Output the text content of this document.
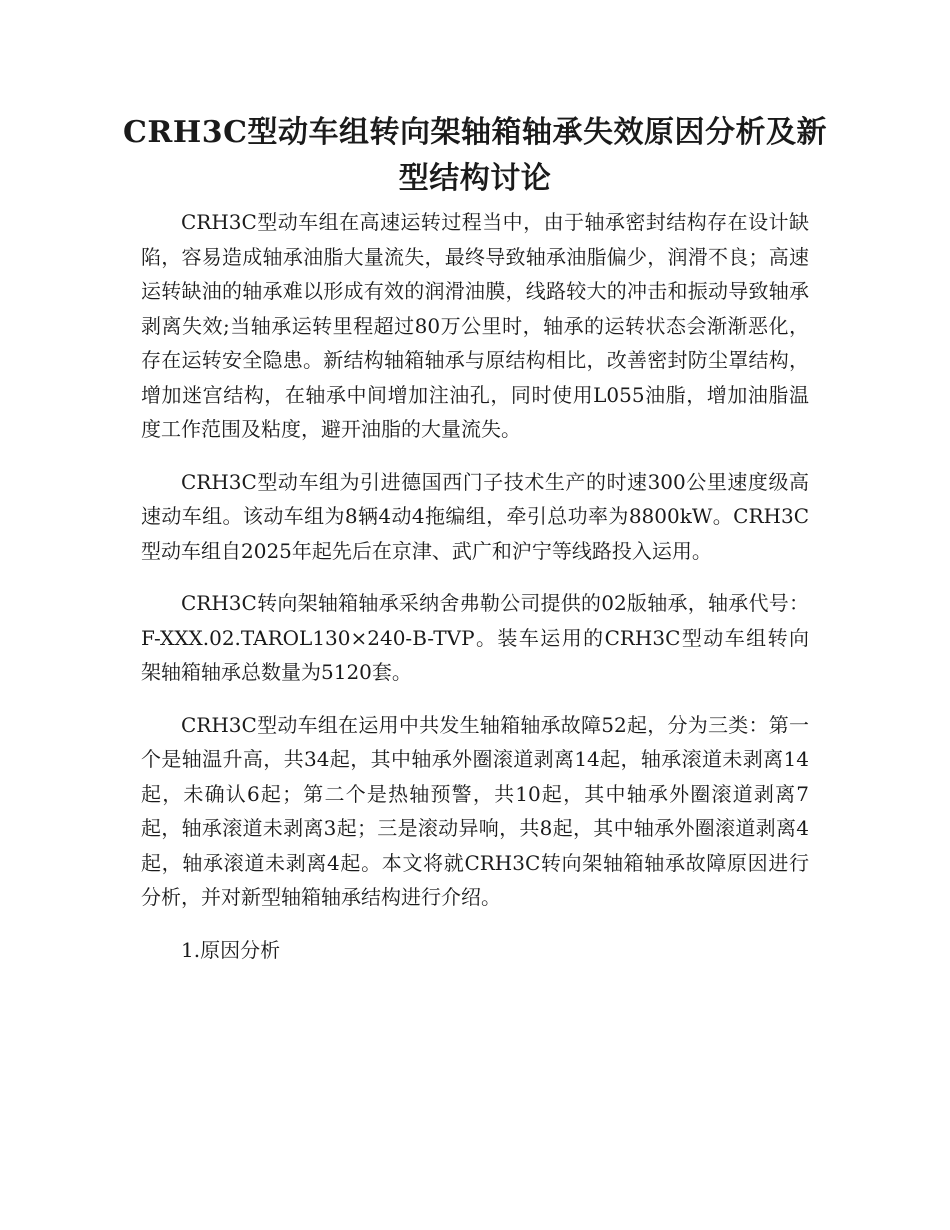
CRH3C型动车组转向架轴箱轴承失效原因分析及新型结构讨论

CRH3C型动车组在高速运转过程当中，由于轴承密封结构存在设计缺陷，容易造成轴承油脂大量流失，最终导致轴承油脂偏少，润滑不良；高速运转缺油的轴承难以形成有效的润滑油膜，线路较大的冲击和振动导致轴承剥离失效;当轴承运转里程超过80万公里时，轴承的运转状态会渐渐恶化，存在运转安全隐患。新结构轴箱轴承与原结构相比，改善密封防尘罩结构，增加迷宫结构，在轴承中间增加注油孔，同时使用L055油脂，增加油脂温度工作范围及粘度，避开油脂的大量流失。

CRH3C型动车组为引进德国西门子技术生产的时速300公里速度级高速动车组。该动车组为8辆4动4拖编组，牵引总功率为8800kW。CRH3C型动车组自2025年起先后在京津、武广和沪宁等线路投入运用。

CRH3C转向架轴箱轴承采纳舍弗勒公司提供的02版轴承，轴承代号：F-XXX.02.TAROL130×240-B-TVP。装车运用的CRH3C型动车组转向架轴箱轴承总数量为5120套。

CRH3C型动车组在运用中共发生轴箱轴承故障52起，分为三类：第一个是轴温升高，共34起，其中轴承外圈滚道剥离14起，轴承滚道未剥离14起，未确认6起；第二个是热轴预警，共10起，其中轴承外圈滚道剥离7起，轴承滚道未剥离3起；三是滚动异响，共8起，其中轴承外圈滚道剥离4起，轴承滚道未剥离4起。本文将就CRH3C转向架轴箱轴承故障原因进行分析，并对新型轴箱轴承结构进行介绍。

1.原因分析
